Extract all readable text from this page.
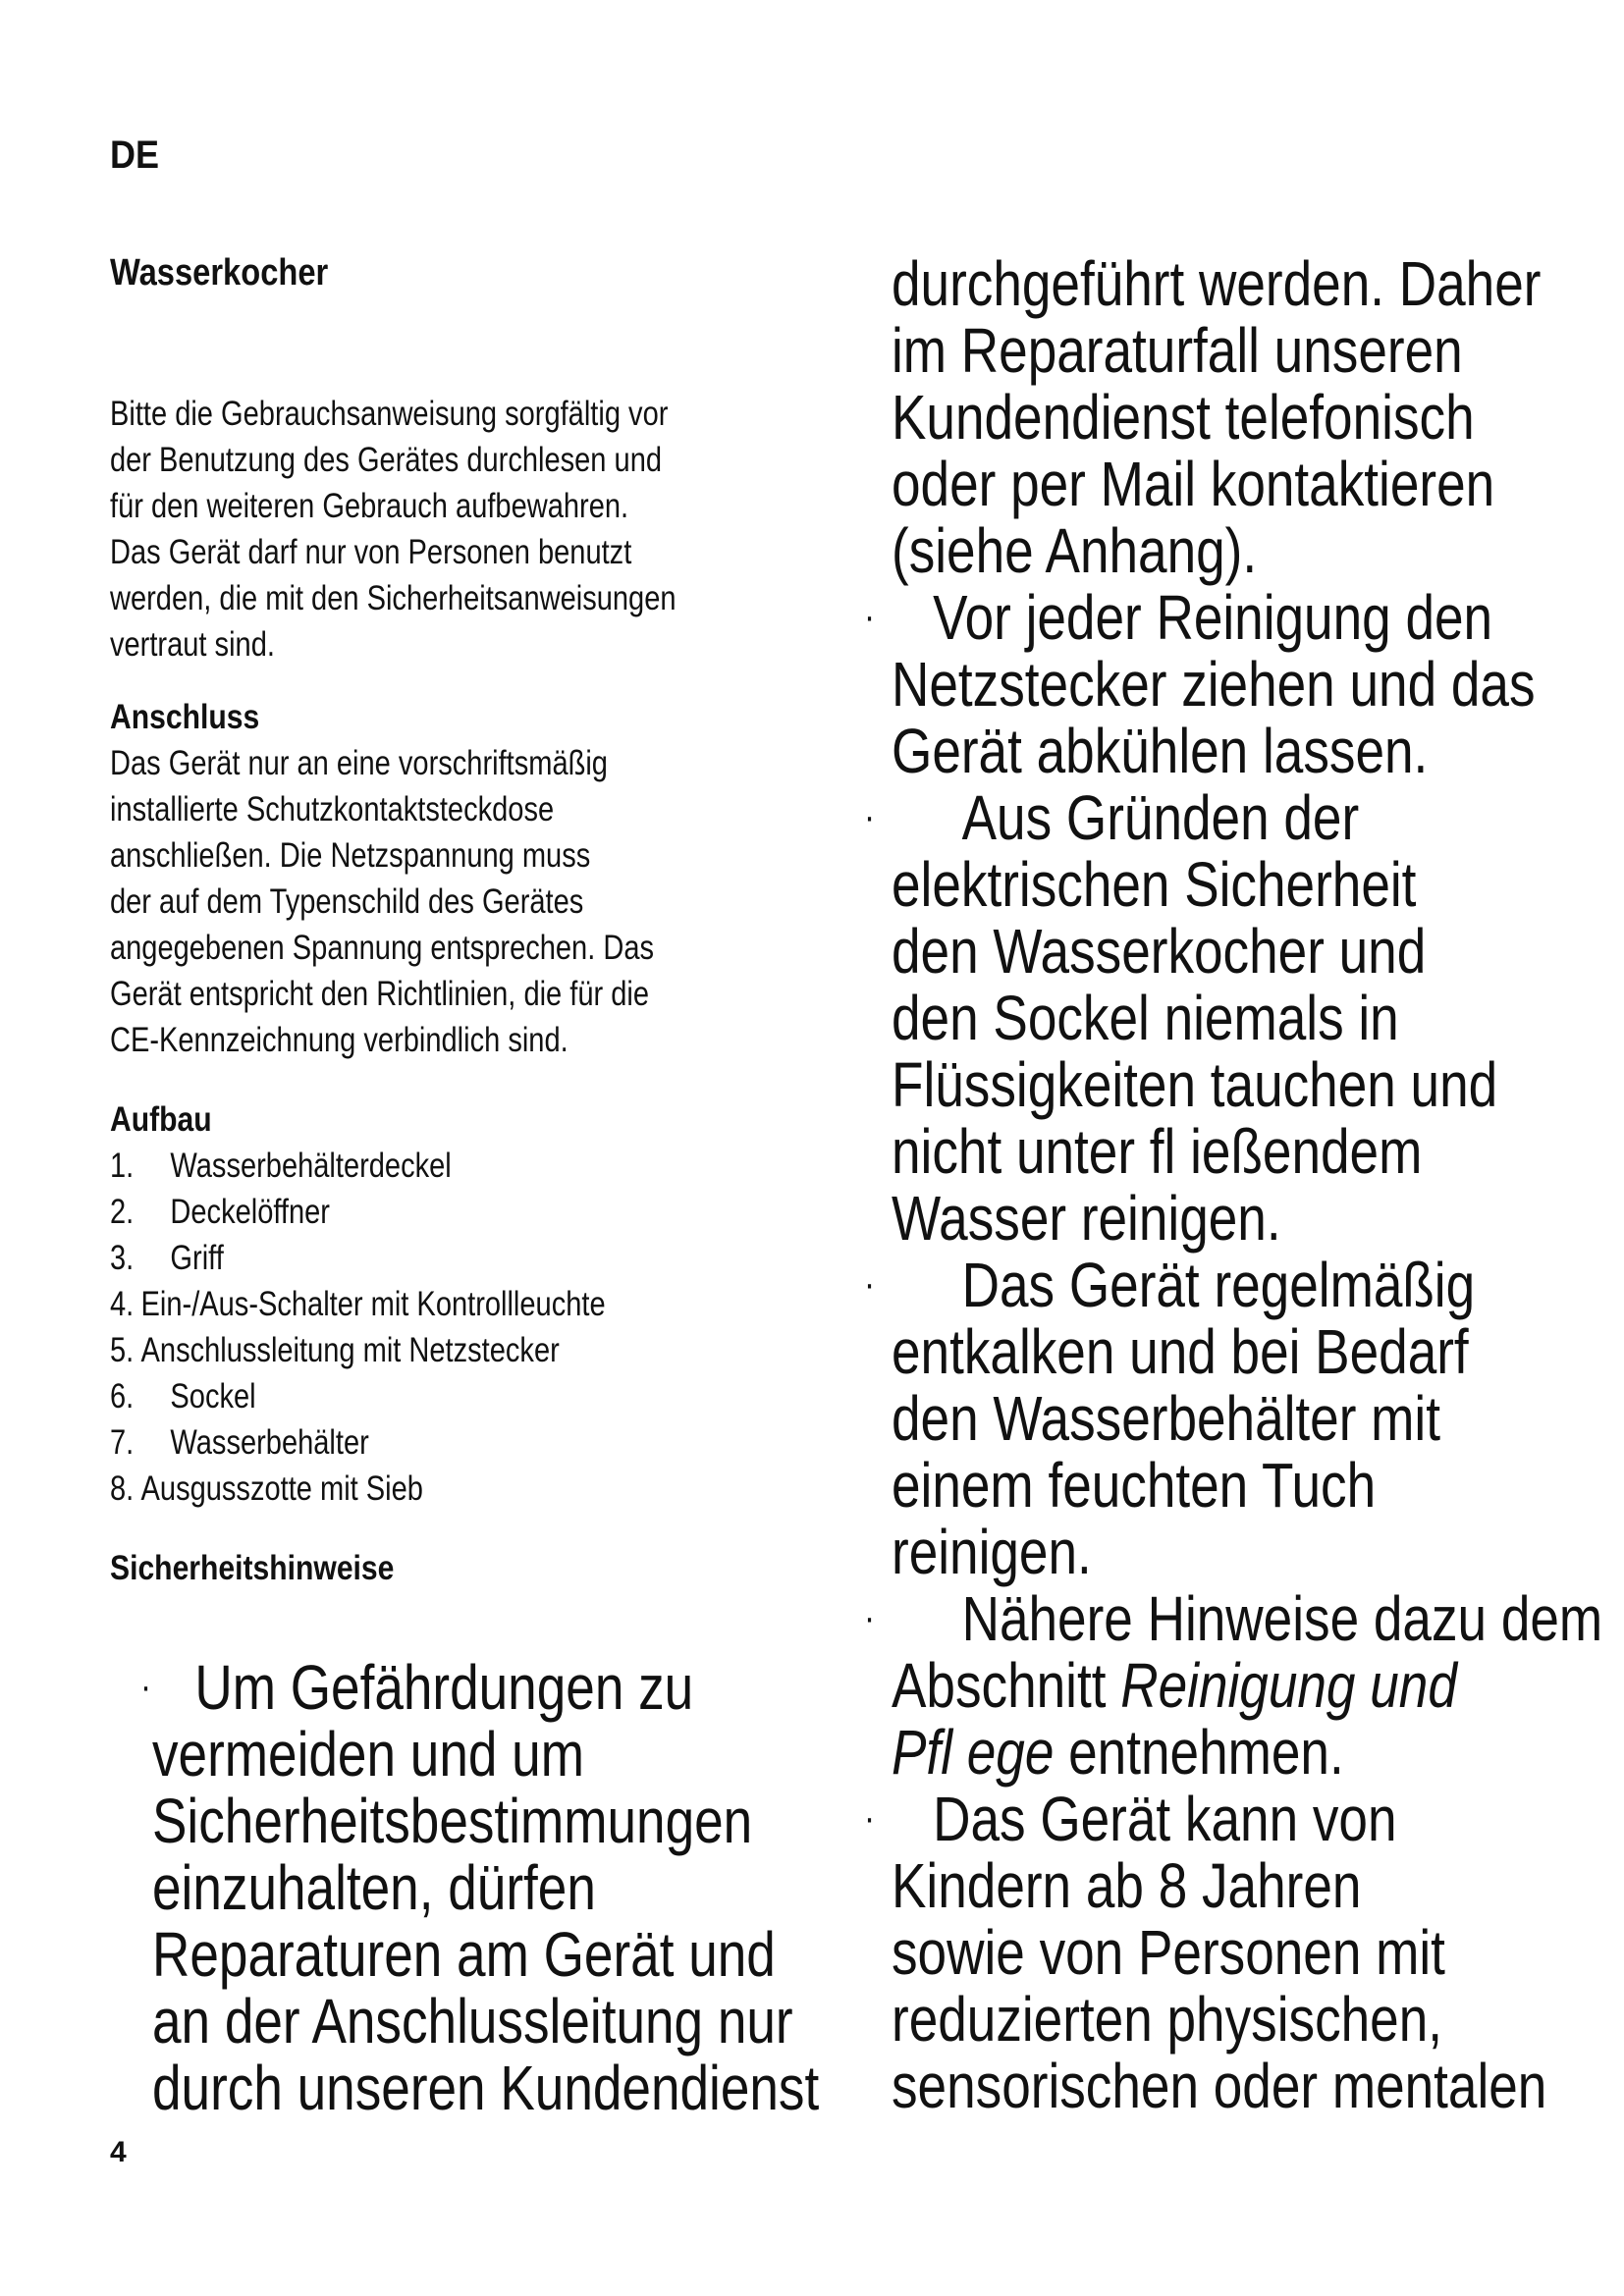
DE
Wasserkocher
Bitte die Gebrauchsanweisung sorgfältig vor
der Benutzung des Gerätes durchlesen und
für den weiteren Gebrauch aufbewahren.
Das Gerät darf nur von Personen benutzt
werden, die mit den Sicherheitsanweisungen
vertraut sind.
Anschluss
Das Gerät nur an eine vorschriftsmäßig
installierte Schutzkontaktsteckdose
anschließen. Die Netzspannung muss
der auf dem Typenschild des Gerätes
angegebenen Spannung entsprechen. Das
Gerät entspricht den Richtlinien, die für die
CE-Kennzeichnung verbindlich sind.
Aufbau
1. Wasserbehälterdeckel
2. Deckelöffner
3. Griff
4. Ein-/Aus-Schalter mit Kontrollleuchte
5. Anschlussleitung mit Netzstecker
6. Sockel
7. Wasserbehälter
8. Ausgusszotte mit Sieb
Sicherheitshinweise
· Um Gefährdungen zu
vermeiden und um
Sicherheitsbestimmungen
einzuhalten, dürfen
Reparaturen am Gerät und
an der Anschlussleitung nur
durch unseren Kundendienst
durchgeführt werden. Daher
im Reparaturfall unseren
Kundendienst telefonisch
oder per Mail kontaktieren
(siehe Anhang).
· Vor jeder Reinigung den
Netzstecker ziehen und das
Gerät abkühlen lassen.
· Aus Gründen der
elektrischen Sicherheit
den Wasserkocher und
den Sockel niemals in
Flüssigkeiten tauchen und
nicht unter fl ießendem
Wasser reinigen.
· Das Gerät regelmäßig
entkalken und bei Bedarf
den Wasserbehälter mit
einem feuchten Tuch
reinigen.
· Nähere Hinweise dazu dem
Abschnitt Reinigung und
Pfl ege entnehmen.
· Das Gerät kann von
Kindern ab 8 Jahren
sowie von Personen mit
reduzierten physischen,
sensorischen oder mentalen
4
